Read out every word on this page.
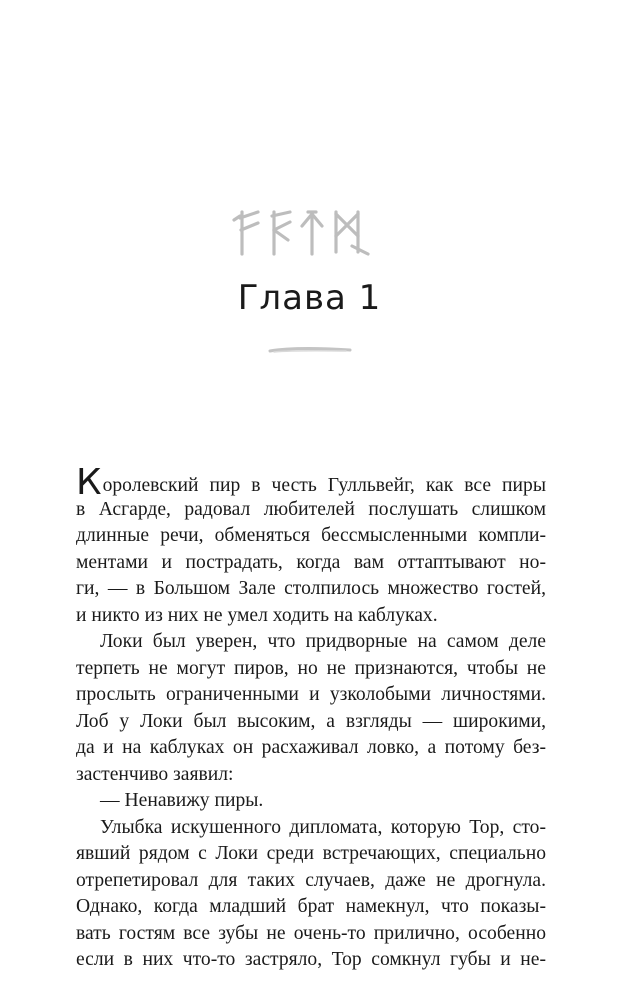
Глава 1
Королевский пир в честь Гулльвейг, как все пиры
в Асгарде, радовал любителей послушать слишком
длинные речи, обменяться бессмысленными компли-
ментами и пострадать, когда вам оттаптывают но-
ги, — в Большом Зале столпилось множество гостей,
и никто из них не умел ходить на каблуках.
Локи был уверен, что придворные на самом деле
терпеть не могут пиров, но не признаются, чтобы не
прослыть ограниченными и узколобыми личностями.
Лоб у Локи был высоким, а взгляды — широкими,
да и на каблуках он расхаживал ловко, а потому без-
застенчиво заявил:
— Ненавижу пиры.
Улыбка искушенного дипломата, которую Тор, сто-
явший рядом с Локи среди встречающих, специально
отрепетировал для таких случаев, даже не дрогнула.
Однако, когда младший брат намекнул, что показы-
вать гостям все зубы не очень-то прилично, особенно
если в них что-то застряло, Тор сомкнул губы и не-
